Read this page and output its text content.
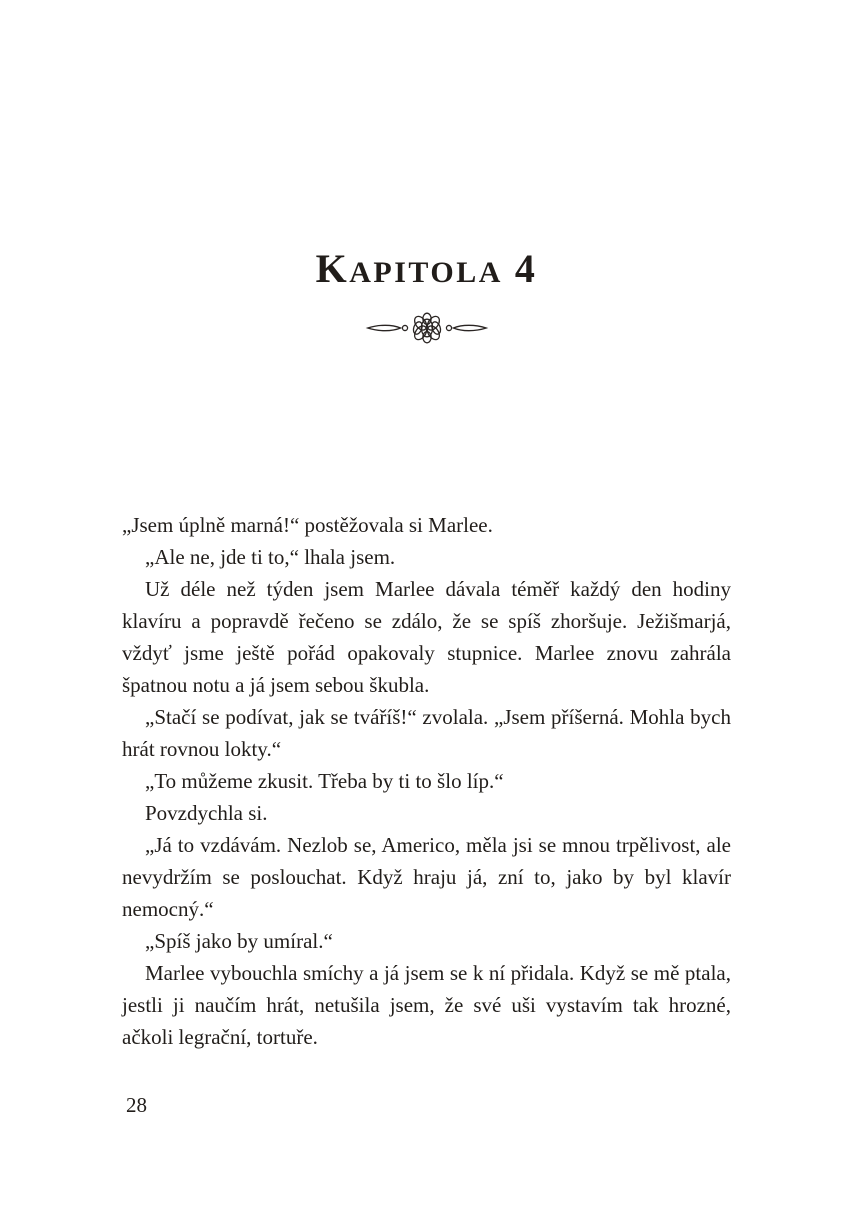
KAPITOLA 4

„Jsem úplně marná!“ postěžovala si Marlee.

„Ale ne, jde ti to,“ lhala jsem.

Už déle než týden jsem Marlee dávala téměř každý den hodiny klavíru a popravdě řečeno se zdálo, že se spíš zhoršuje. Ježišmarjá, vždyť jsme ještě pořád opakovaly stupnice. Marlee znovu zahrála špatnou notu a já jsem sebou škubla.

„Stačí se podívat, jak se tváříš!“ zvolala. „Jsem příšerná. Mohla bych hrát rovnou lokty.“

„To můžeme zkusit. Třeba by ti to šlo líp.“

Povzdychla si.

„Já to vzdávám. Nezlob se, Americo, měla jsi se mnou trpělivost, ale nevydržím se poslouchat. Když hraju já, zní to, jako by byl klavír nemocný.“

„Spíš jako by umíral.“

Marlee vybouchla smíchy a já jsem se k ní přidala. Když se mě ptala, jestli ji naučím hrát, netušila jsem, že své uši vystavím tak hrozné, ačkoli legrační, tortuře.

28
